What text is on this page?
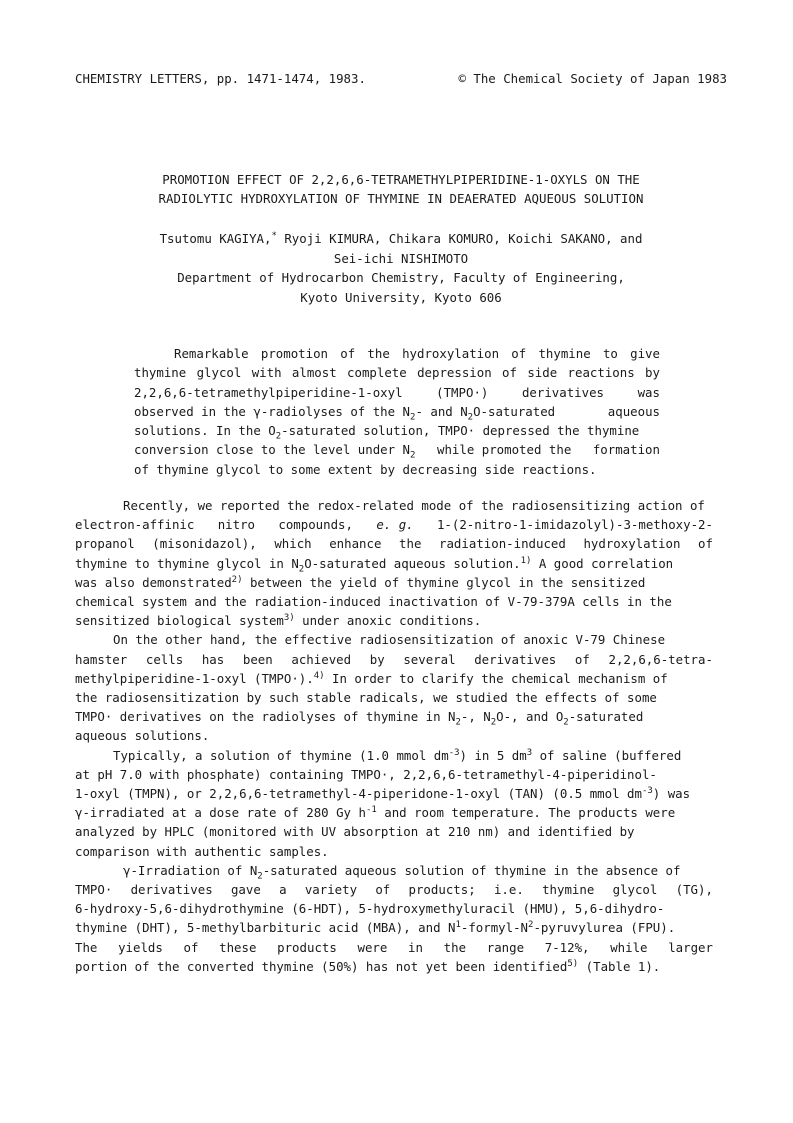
CHEMISTRY LETTERS, pp. 1471-1474, 1983.	© The Chemical Society of Japan 1983
PROMOTION EFFECT OF 2,2,6,6-TETRAMETHYLPIPERIDINE-1-OXYLS ON THE
RADIOLYTIC HYDROXYLATION OF THYMINE IN DEAERATED AQUEOUS SOLUTION
Tsutomu KAGIYA,* Ryoji KIMURA, Chikara KOMURO, Koichi SAKANO, and
Sei-ichi NISHIMOTO
Department of Hydrocarbon Chemistry, Faculty of Engineering,
Kyoto University, Kyoto 606
Remarkable promotion of the hydroxylation of thymine to give
thymine glycol with almost complete depression of side reactions by
2,2,6,6-tetramethylpiperidine-1-oxyl	(TMPO·)	derivatives	was
observed in the γ-radiolyses of the $N_2-$ and $N_2O$-saturated	aqueous
solutions. In the $O_2$-saturated solution, TMPO· depressed the thymine
conversion close to the level under $N_2$ while promoted the formation
of thymine glycol to some extent by decreasing side reactions.
Recently, we reported the redox-related mode of the radiosensitizing action of
electron-affinic nitro compounds, e. g. 1-(2-nitro-1-imidazolyl)-3-methoxy-2-
propanol (misonidazol), which enhance the radiation-induced hydroxylation of
thymine to thymine glycol in $N_2O$-saturated aqueous solution.$^{1)}$ A good correlation
was also demonstrated$^{2)}$ between the yield of thymine glycol in the sensitized
chemical system and the radiation-induced inactivation of V-79-379A cells in the
sensitized biological system$^{3)}$ under anoxic conditions.
On the other hand, the effective radiosensitization of anoxic V-79 Chinese
hamster cells has been achieved by several derivatives of 2,2,6,6-tetra-
methylpiperidine-1-oxyl (TMPO·).$^{4)}$ In order to clarify the chemical mechanism of
the radiosensitization by such stable radicals, we studied the effects of some
TMPO· derivatives on the radiolyses of thymine in $N_2-$, $N_2O-$, and $O_2$-saturated
aqueous solutions.
Typically, a solution of thymine (1.0 mmol $dm^{-3}$) in 5 $dm^3$ of saline (buffered
at pH 7.0 with phosphate) containing TMPO·, 2,2,6,6-tetramethyl-4-piperidinol-
1-oxyl (TMPN), or 2,2,6,6-tetramethyl-4-piperidone-1-oxyl (TAN) (0.5 mmol $dm^{-3}$) was
γ-irradiated at a dose rate of 280 Gy $h^{-1}$ and room temperature. The products were
analyzed by HPLC (monitored with UV absorption at 210 nm) and identified by
comparison with authentic samples.
γ-Irradiation of $N_2$-saturated aqueous solution of thymine in the absence of
TMPO· derivatives gave a variety of products; i.e. thymine glycol (TG),
6-hydroxy-5,6-dihydrothymine (6-HDT), 5-hydroxymethyluracil (HMU), 5,6-dihydro-
thymine (DHT), 5-methylbarbituric acid (MBA), and $N^1-formyl-N^2$-pyruvylurea (FPU).
The yields of these products were in the range 7-12%, while larger
portion of the converted thymine (50%) has not yet been identified$^{5)}$ (Table 1).
